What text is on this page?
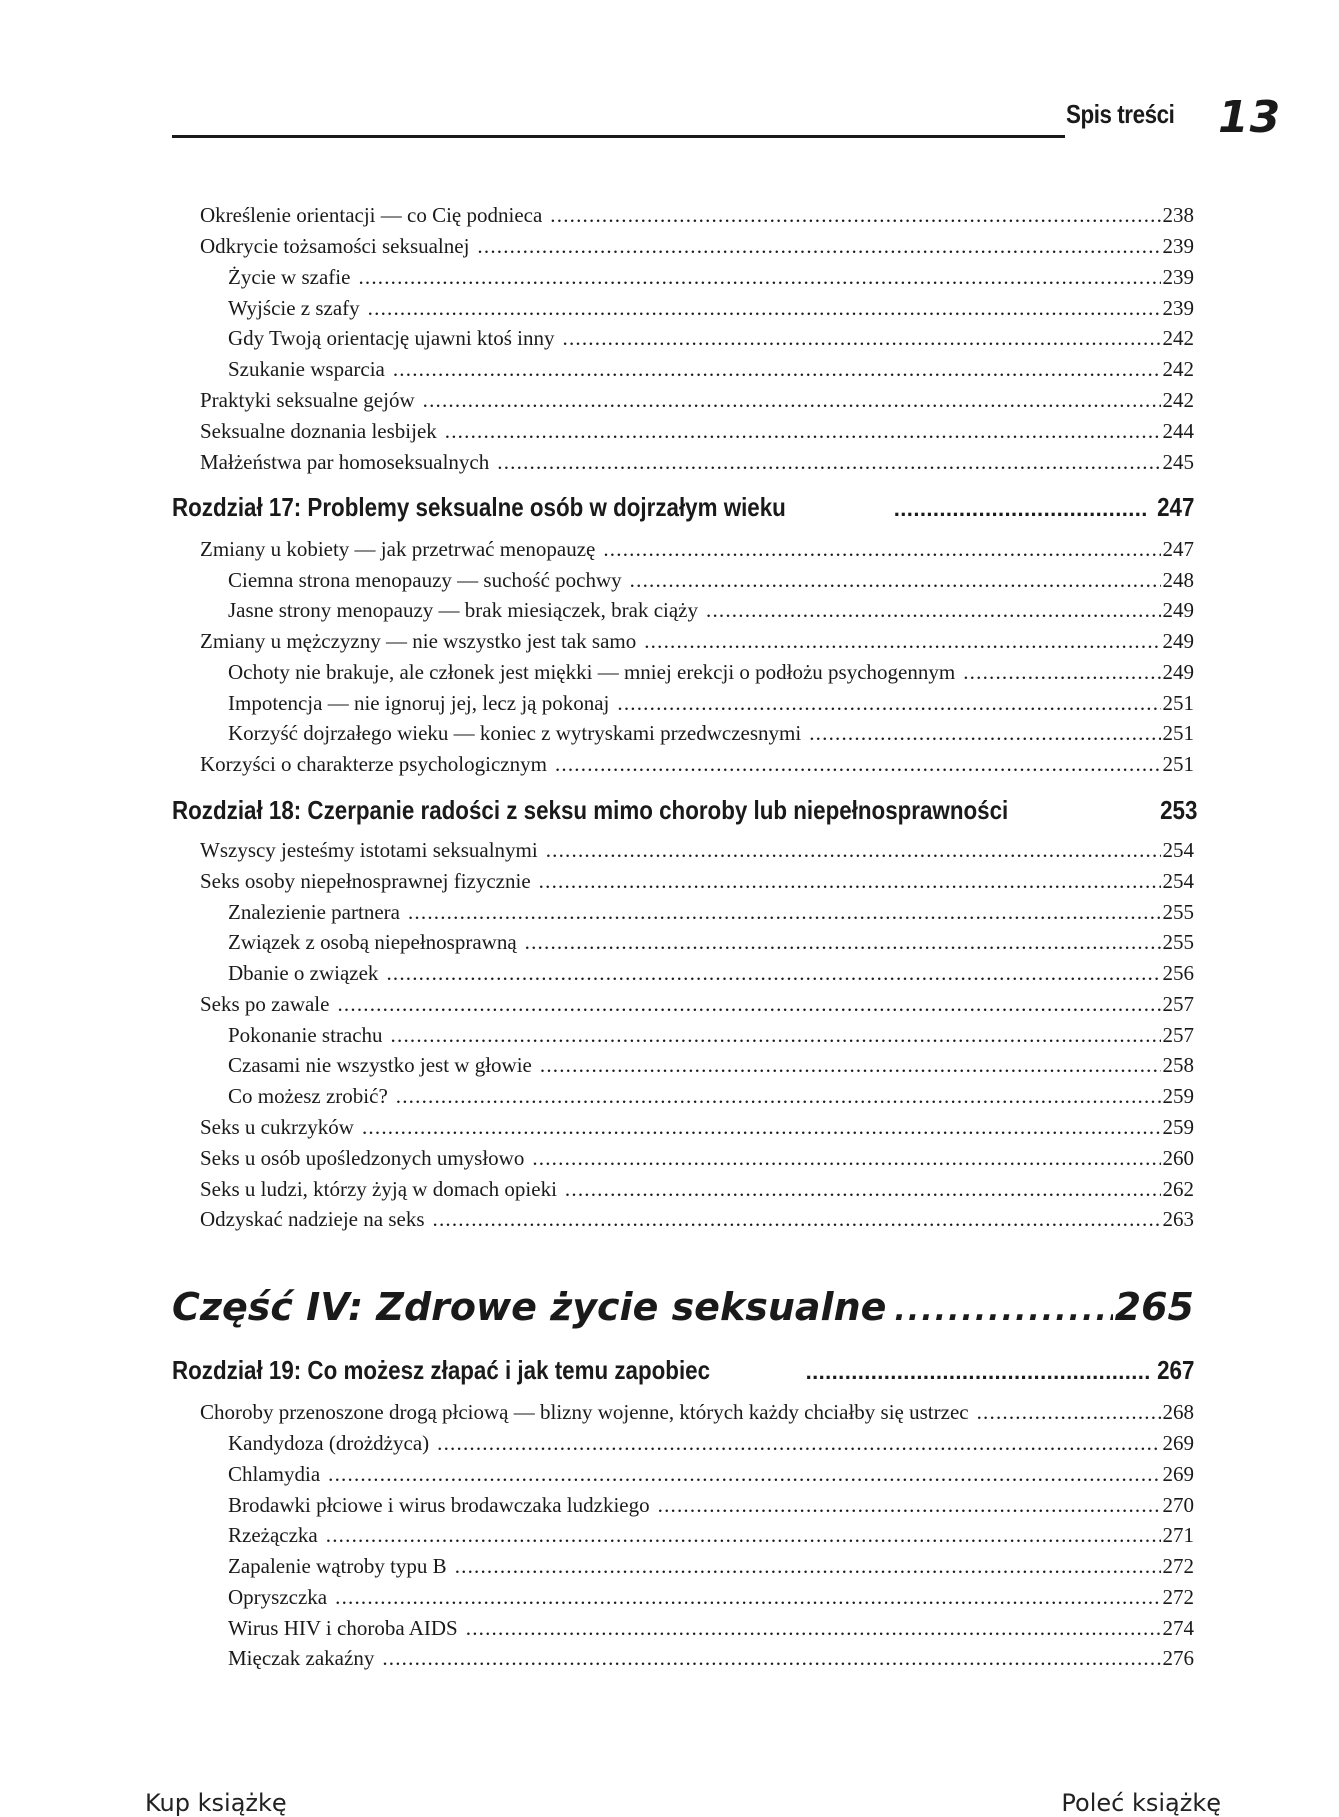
Spis treści 13
Określenie orientacji — co Cię podnieca .....	238
Odkrycie tożsamości seksualnej .....	239
Życie w szafie .....	239
Wyjście z szafy .....	239
Gdy Twoją orientację ujawni ktoś inny .....	242
Szukanie wsparcia .....	242
Praktyki seksualne gejów .....	242
Seksualne doznania lesbijek .....	244
Małżeństwa par homoseksualnych .....	245
Rozdział 17: Problemy seksualne osób w dojrzałym wieku .....	247
Zmiany u kobiety — jak przetrwać menopauzę .....	247
Ciemna strona menopauzy — suchość pochwy .....	248
Jasne strony menopauzy — brak miesiączek, brak ciąży .....	249
Zmiany u mężczyzny — nie wszystko jest tak samo .....	249
Ochoty nie brakuje, ale członek jest miękki — mniej erekcji o podłożu psychogennym .....	249
Impotencja — nie ignoruj jej, lecz ją pokonaj .....	251
Korzyść dojrzałego wieku — koniec z wytryskami przedwczesnymi .....	251
Korzyści o charakterze psychologicznym .....	251
Rozdział 18: Czerpanie radości z seksu mimo choroby lub niepełnosprawności	253
Wszyscy jesteśmy istotami seksualnymi .....	254
Seks osoby niepełnosprawnej fizycznie .....	254
Znalezienie partnera .....	255
Związek z osobą niepełnosprawną .....	255
Dbanie o związek .....	256
Seks po zawale .....	257
Pokonanie strachu .....	257
Czasami nie wszystko jest w głowie .....	258
Co możesz zrobić? .....	259
Seks u cukrzyków .....	259
Seks u osób upośledzonych umysłowo .....	260
Seks u ludzi, którzy żyją w domach opieki .....	262
Odzyskać nadzieje na seks .....	263
Część IV: Zdrowe życie seksualne .....	265
Rozdział 19: Co możesz złapać i jak temu zapobiec .....	267
Choroby przenoszone drogą płciową — blizny wojenne, których każdy chciałby się ustrzec .....	268
Kandydoza (drożdżyca) .....	269
Chlamydia .....	269
Brodawki płciowe i wirus brodawczaka ludzkiego .....	270
Rzeżączka .....	271
Zapalenie wątroby typu B .....	272
Opryszczka .....	272
Wirus HIV i choroba AIDS .....	274
Mięczak zakaźny .....	276
Kup książkę	Poleć książkę
